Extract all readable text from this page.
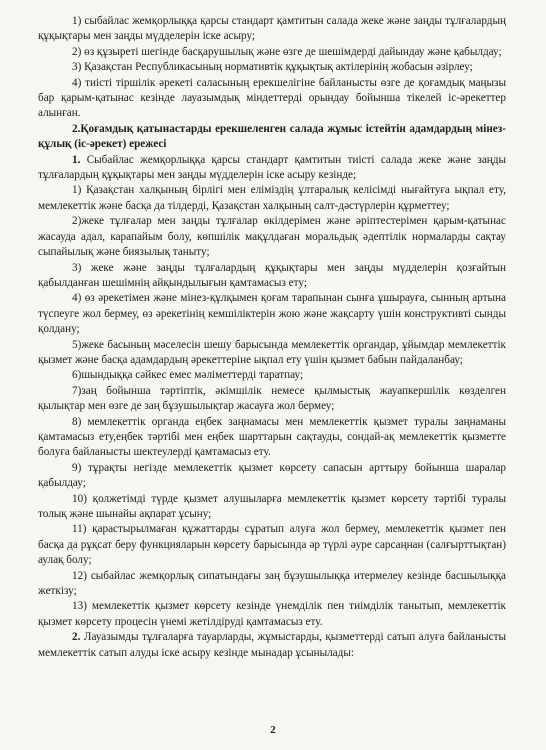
1) сыбайлас жемқорлыққа қарсы стандарт қамтитын салада жеке және заңды тұлғалардың құқықтары мен заңды мүдделерін іске асыру;

2) өз құзыреті шегінде басқарушылық және өзге де шешімдерді дайындау және қабылдау;

3) Қазақстан Республикасының нормативтік құқықтық актілерінің жобасын әзірлеу;

4) тиісті тіршілік әрекеті саласының ерекшелігіне байланысты өзге де қоғамдық маңызы бар қарым-қатынас кезінде лауазымдық міндеттерді орындау бойынша тікелей іс-әрекеттер алынған.

2.Қоғамдық қатынастарды ерекшеленген салада жұмыс істейтін адамдардың мінез-құлық (іс-әрекет) ережесі

1. Сыбайлас жемқорлыққа қарсы стандарт қамтитын тиісті салада жеке және заңды тұлғалардың құқықтары мен заңды мүдделерін іске асыру кезінде;

1) Қазақстан халқының бірлігі мен еліміздің ұлтаралық келісімді нығайтуға ықпал ету, мемлекеттік және басқа да тілдерді, Қазақстан халқының салт-дәстүрлерін құрметтеу;

2)жеке тұлғалар мен заңды тұлғалар өкілдерімен және әріптестерімен қарым-қатынас жасауда адал, карапайым болу, көпшілік мақұлдаған моральдық әдептілік нормаларды сақтау сыпайылық және биязылық таныту;

3) жеке және заңды тұлғалардың құқықтары мен заңды мүдделерін қозғайтын қабылданған шешімнің айқындылығын қамтамасыз ету;

4) өз әрекетімен және мінез-құлқымен қоғам тарапынан сынға ұшырауға, сынның артына түспеуге жол бермеу, өз әрекетінің кемшіліктерін жою және жақсарту үшін конструктивті сынды қолдану;

5)жеке басының мәселесін шешу барысында мемлекеттік органдар, ұйымдар мемлекеттік қызмет және басқа адамдардың әрекеттеріне ықпал ету үшін қызмет бабын пайдаланбау;

6)шындыққа сәйкес емес мәліметтерді таратпау;

7)заң бойынша тәртіптік, әкімшілік немесе қылмыстық жауапкершілік көзделген қылықтар мен өзге де заң бұзушылықтар жасауға жол бермеу;

8) мемлекеттік органда еңбек заңнамасы мен мемлекеттік қызмет туралы заңнаманы қамтамасыз ету,еңбек тәртібі мен еңбек шарттарын сақтауды, сондай-ақ мемлекеттік қызметте болуға байланысты шектеулердi қамтамасыз ету.

9) тұрақты негізде мемлекеттік қызмет көрсету сапасын арттыру бойынша шаралар қабылдау;

10) қолжетімді түрде қызмет алушыларға мемлекеттік қызмет көрсету тәртібі туралы толық және шынайы ақпарат ұсыну;

11) қарастырылмаған құжаттарды сұратып алуға жол бермеу, мемлекеттік қызмет пен басқа да рұқсат беру функцияларын көрсету барысында әр түрлі әуре сарсаңнан (салғырттықтан) аулақ болу;

12) сыбайлас жемқорлық сипатындағы заң бұзушылыққа итермелеу кезінде басшылыққа жеткізу;

13) мемлекеттік қызмет көрсету кезінде үнемділік пен тиімділік танытып, мемлекеттік қызмет көрсету процесін үнемі жетілдіруді қамтамасыз ету.

2. Лауазымды тұлғаларға тауарларды, жұмыстарды, қызметтерді сатып алуға байланысты мемлекеттік сатып алуды іске асыру кезінде мынадар ұсынылады:

2
